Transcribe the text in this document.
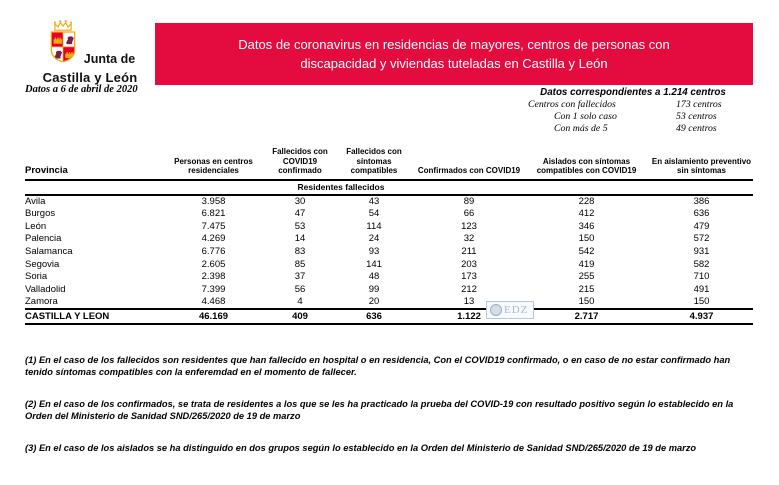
Junta de
Castilla y León
Datos a 6 de abril de 2020
Datos de coronavirus en residencias de mayores, centros de personas con
discapacidad y viviendas tuteladas en Castilla y León
Datos correspondientes a 1.214 centros
Centros con fallecidos	173 centros
Con 1 solo caso	53 centros
Con más de 5	49 centros
Provincia	Personas en centros residenciales	Fallecidos con COVID19 confirmado	Fallecidos con síntomas compatibles	Confirmados con COVID19	Aislados con síntomas compatibles con COVID19	En aislamiento preventivo sin síntomas
		Residentes fallecidos				
Avila	3.958	30	43	89	228	386
Burgos	6.821	47	54	66	412	636
León	7.475	53	114	123	346	479
Palencia	4.269	14	24	32	150	572
Salamanca	6.776	83	93	211	542	931
Segovia	2.605	85	141	203	419	582
Soria	2.398	37	48	173	255	710
Valladolid	7.399	56	99	212	215	491
Zamora	4.468	4	20	13	150	150
CASTILLA Y LEON	46.169	409	636	1.122	2.717	4.937
EDZ

(1) En el caso de los fallecidos son residentes que han fallecido en hospital o en residencia, Con el COVID19 confirmado, o en caso de no estar confirmado han tenido síntomas compatibles con la enferemdad en el momento de fallecer.

(2) En el caso de los confirmados, se trata de residentes a los que se les ha practicado la prueba del COVID-19 con resultado positivo según lo establecido en la Orden del Ministerio de Sanidad SND/265/2020 de 19 de marzo

(3) En el caso de los aislados se ha distinguido en dos grupos según lo establecido en la Orden del Ministerio de Sanidad SND/265/2020 de 19 de marzo
